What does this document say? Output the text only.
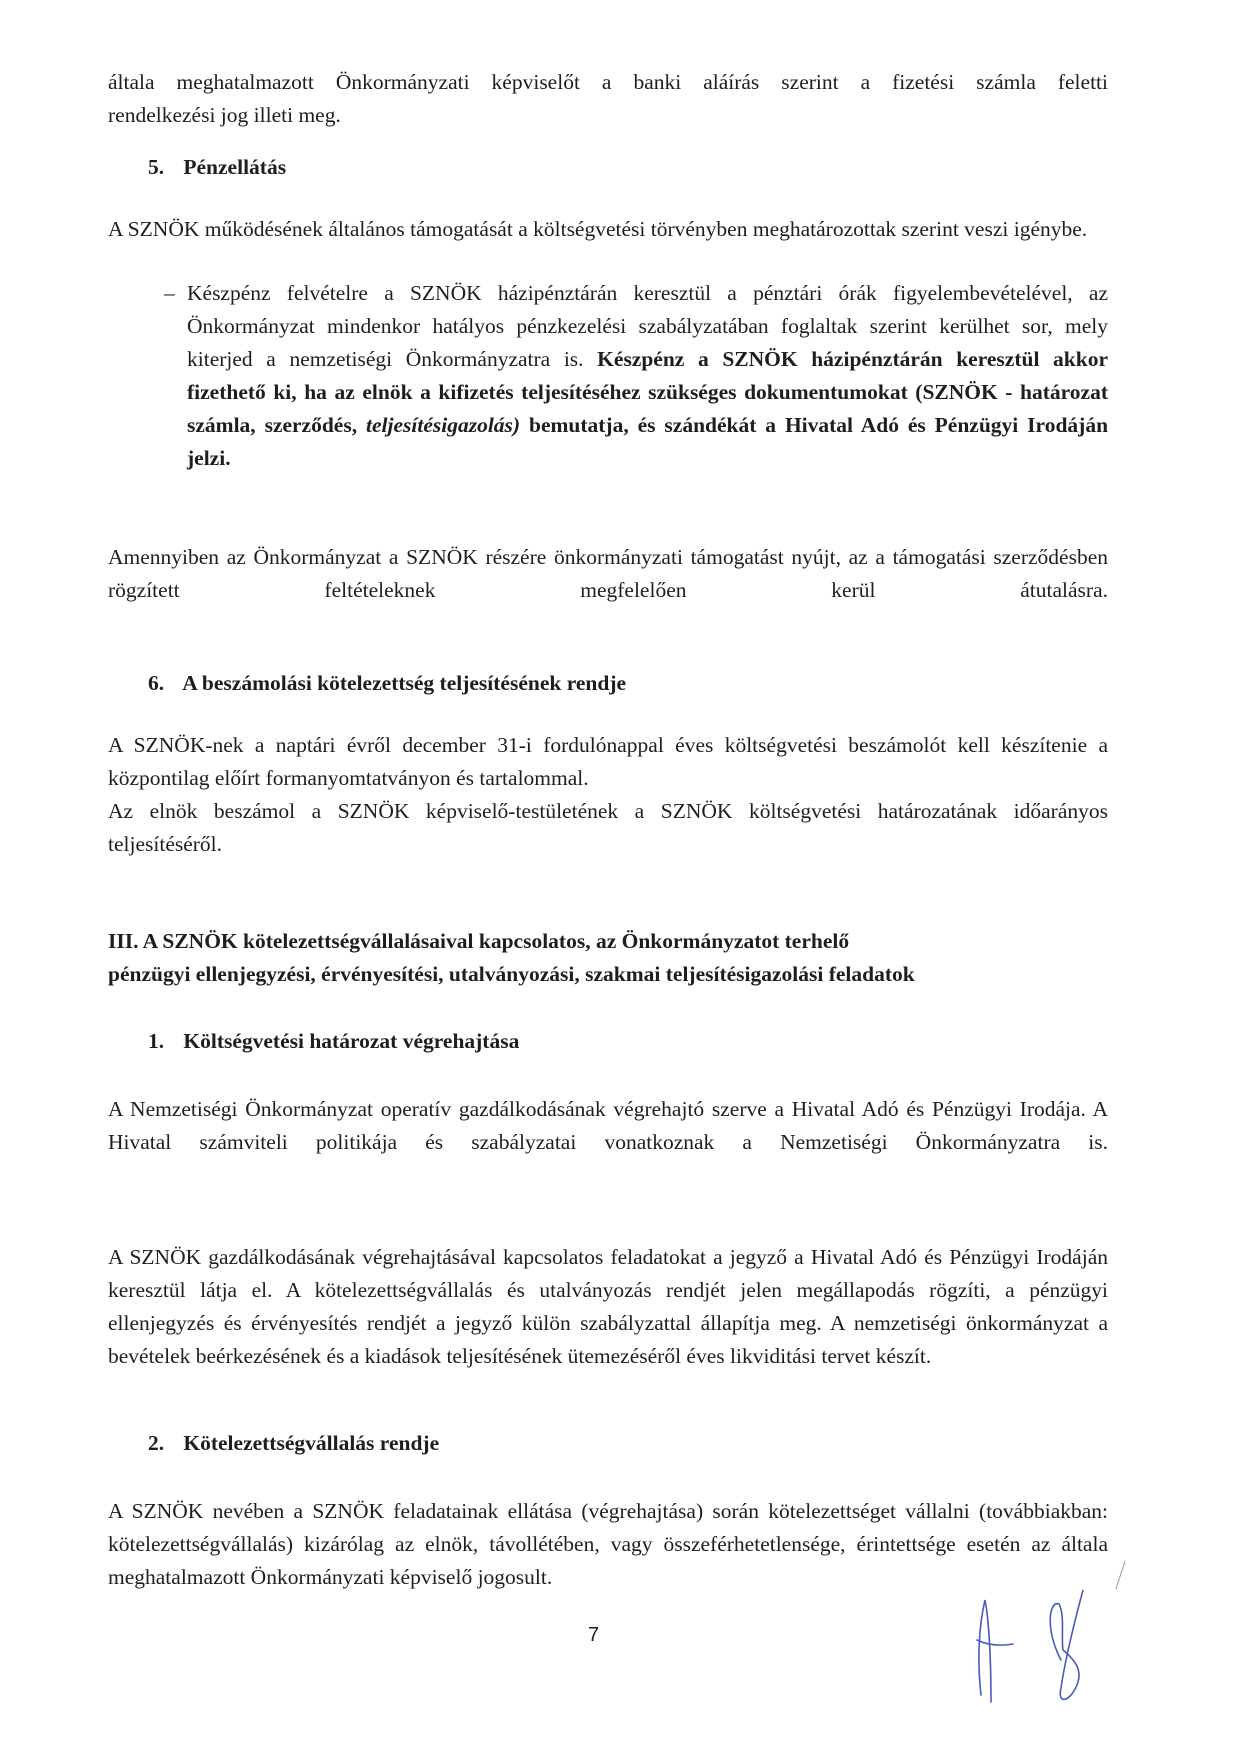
általa meghatalmazott Önkormányzati képviselőt a banki aláírás szerint a fizetési számla feletti
rendelkezési jog illeti meg.
5. Pénzellátás
A SZNÖK működésének általános támogatását a költségvetési törvényben meghatározottak szerint veszi igénybe.
– Készpénz felvételre a SZNÖK házipénztárán keresztül a pénztári órák figyelembevételével, az Önkormányzat mindenkor hatályos pénzkezelési szabályzatában foglaltak szerint kerülhet sor, mely kiterjed a nemzetiségi Önkormányzatra is. Készpénz a SZNÖK házipénztárán keresztül akkor fizethető ki, ha az elnök a kifizetés teljesítéséhez szükséges dokumentumokat (SZNÖK - határozat számla, szerződés, teljesítésigazolás) bemutatja, és szándékát a Hivatal Adó és Pénzügyi Irodáján jelzi.
Amennyiben az Önkormányzat a SZNÖK részére önkormányzati támogatást nyújt, az a támogatási szerződésben rögzített feltételeknek megfelelően kerül átutalásra.
6. A beszámolási kötelezettség teljesítésének rendje
A SZNÖK-nek a naptári évről december 31-i fordulónappal éves költségvetési beszámolót kell készítenie a központilag előírt formanyomtatványon és tartalommal.
Az elnök beszámol a SZNÖK képviselő-testületének a SZNÖK költségvetési határozatának időarányos teljesítéséről.
III. A SZNÖK kötelezettségvállalásaival kapcsolatos, az Önkormányzatot terhelő
pénzügyi ellenjegyzési, érvényesítési, utalványozási, szakmai teljesítésigazolási feladatok
1. Költségvetési határozat végrehajtása
A Nemzetiségi Önkormányzat operatív gazdálkodásának végrehajtó szerve a Hivatal Adó és Pénzügyi Irodája. A Hivatal számviteli politikája és szabályzatai vonatkoznak a Nemzetiségi Önkormányzatra is.
A SZNÖK gazdálkodásának végrehajtásával kapcsolatos feladatokat a jegyző a Hivatal Adó és Pénzügyi Irodáján keresztül látja el. A kötelezettségvállalás és utalványozás rendjét jelen megállapodás rögzíti, a pénzügyi ellenjegyzés és érvényesítés rendjét a jegyző külön szabályzattal állapítja meg. A nemzetiségi önkormányzat a bevételek beérkezésének és a kiadások teljesítésének ütemezéséről éves likviditási tervet készít.
2. Kötelezettségvállalás rendje
A SZNÖK nevében a SZNÖK feladatainak ellátása (végrehajtása) során kötelezettséget vállalni (továbbiakban: kötelezettségvállalás) kizárólag az elnök, távollétében, vagy összeférhetetlensége, érintettsége esetén az általa meghatalmazott Önkormányzati képviselő jogosult.
7
